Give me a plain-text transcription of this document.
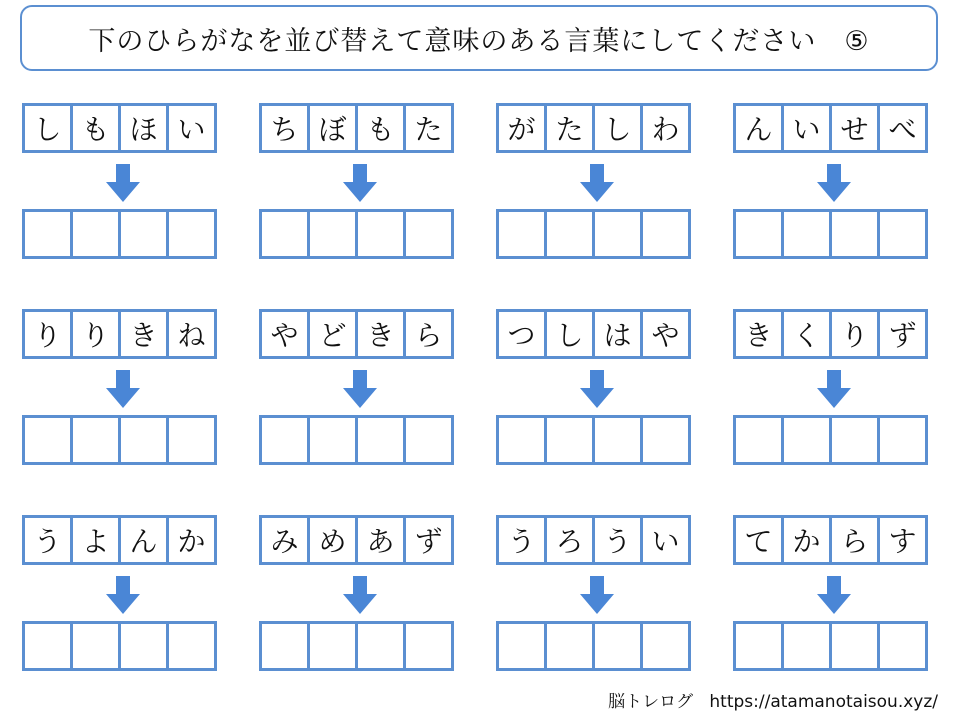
下のひらがなを並び替えて意味のある言葉にしてください　⑤
し も ほ い	ち ぼ も た	が た し わ	ん い せ べ
り り き ね	や ど き ら	つ し は や	き く り ず
う よ ん か	み め あ ず	う ろ う い	て か ら す
脳トレログ https://atamanotaisou.xyz/
